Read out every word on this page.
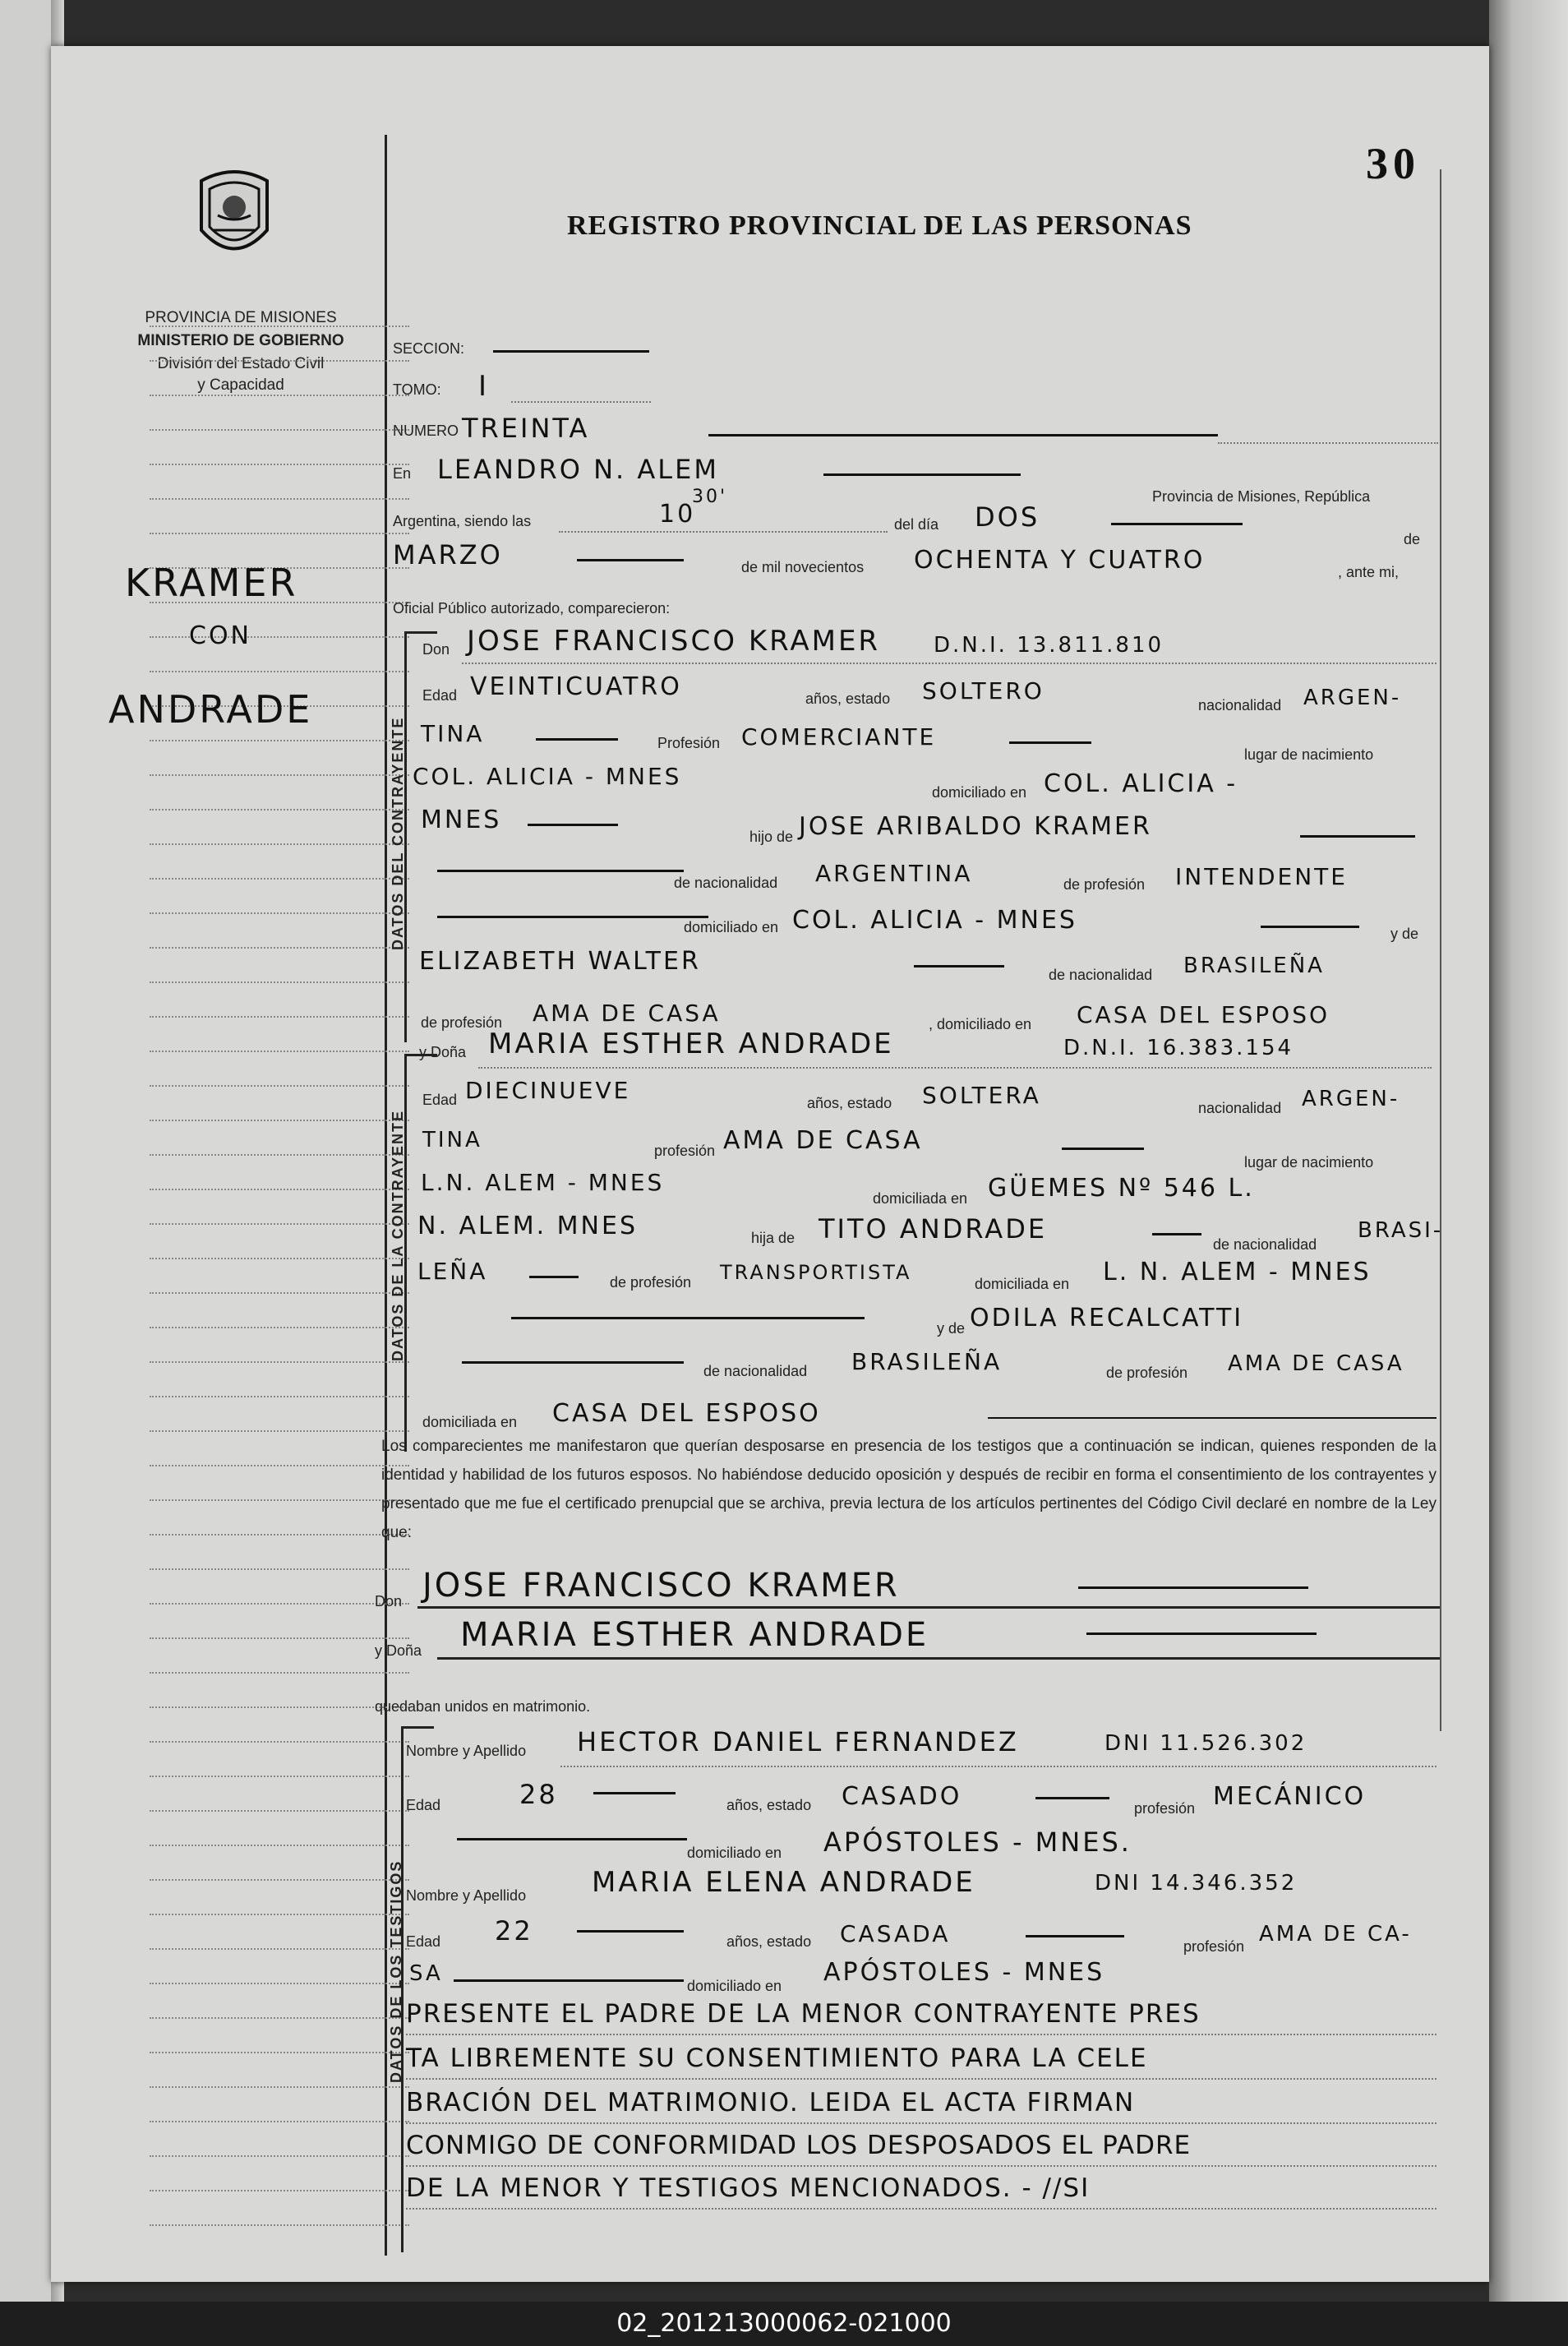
PROVINCIA DE MISIONES
MINISTERIO DE GOBIERNO
División del Estado Civil
y Capacidad
30
REGISTRO PROVINCIAL DE LAS PERSONAS
KRAMER
CON
ANDRADE
SECCION:
TOMO: I
NUMERO TREINTA
En LEANDRO N. ALEM
Provincia de Misiones, República
Argentina, siendo las	10
30'
del día DOS
de
MARZO	de mil novecientos OCHENTA Y CUATRO	, ante mi,
Oficial Público autorizado, comparecieron:
DATOS DEL CONTRAYENTE
Don JOSE FRANCISCO KRAMER D.N.I. 13.811.810
Edad VEINTICUATRO	años, estado SOLTERO
nacionalidad ARGEN-
TINA	Profesión COMERCIANTE
lugar de nacimiento
COL. ALICIA - MNES
domiciliado en COL. ALICIA -
MNES
hijo de JOSE ARIBALDO KRAMER
de nacionalidad ARGENTINA	de profesión INTENDENTE
domiciliado en COL. ALICIA - MNES	y de
ELIZABETH WALTER	de nacionalidad BRASILEÑA
de profesión AMA DE CASA	, domiciliado en CASA DEL ESPOSO
DATOS DE LA CONTRAYENTE
y Doña MARIA ESTHER ANDRADE	D.N.I. 16.383.154
Edad DIECINUEVE	años, estado SOLTERA	nacionalidad ARGEN-
TINA	profesión AMA DE CASA
lugar de nacimiento
L.N. ALEM - MNES
domiciliada en GÜEMES Nº 546 L.
N. ALEM. MNES	hija de TITO ANDRADE	de nacionalidad
BRASI-
LEÑA	de profesión TRANSPORTISTA	domiciliada en L. N. ALEM - MNES
y de ODILA RECALCATTI
de nacionalidad BRASILEÑA	de profesión AMA DE CASA
domiciliada en CASA DEL ESPOSO
Los comparecientes me manifestaron que querían desposarse en presencia de los testigos que a continuación se indican, quienes responden de la identidad y habilidad de los futuros esposos. No habiéndose deducido oposición y después de recibir en forma el consentimiento de los contrayentes y presentado que me fue el certificado prenupcial que se archiva, previa lectura de los artículos pertinentes del Código Civil declaré en nombre de la Ley que:
Don JOSE FRANCISCO KRAMER
y Doña MARIA ESTHER ANDRADE
quedaban unidos en matrimonio.
DATOS DE LOS TESTIGOS
Nombre y Apellido HECTOR DANIEL FERNANDEZ	DNI 11.526.302
Edad	28	años, estado CASADO	profesión MECÁNICO
domiciliado en APÓSTOLES - MNES.
Nombre y Apellido MARIA ELENA ANDRADE	DNI 14.346.352
Edad 22	años, estado CASADA	profesión AMA DE CA-
SA	domiciliado en APÓSTOLES - MNES
PRESENTE EL PADRE DE LA MENOR CONTRAYENTE PRES
TA LIBREMENTE SU CONSENTIMIENTO PARA LA CELE
BRACIÓN DEL MATRIMONIO. LEIDA EL ACTA FIRMAN
CONMIGO DE CONFORMIDAD LOS DESPOSADOS EL PADRE
DE LA MENOR Y TESTIGOS MENCIONADOS. - //SI
02_201213000062-021000
